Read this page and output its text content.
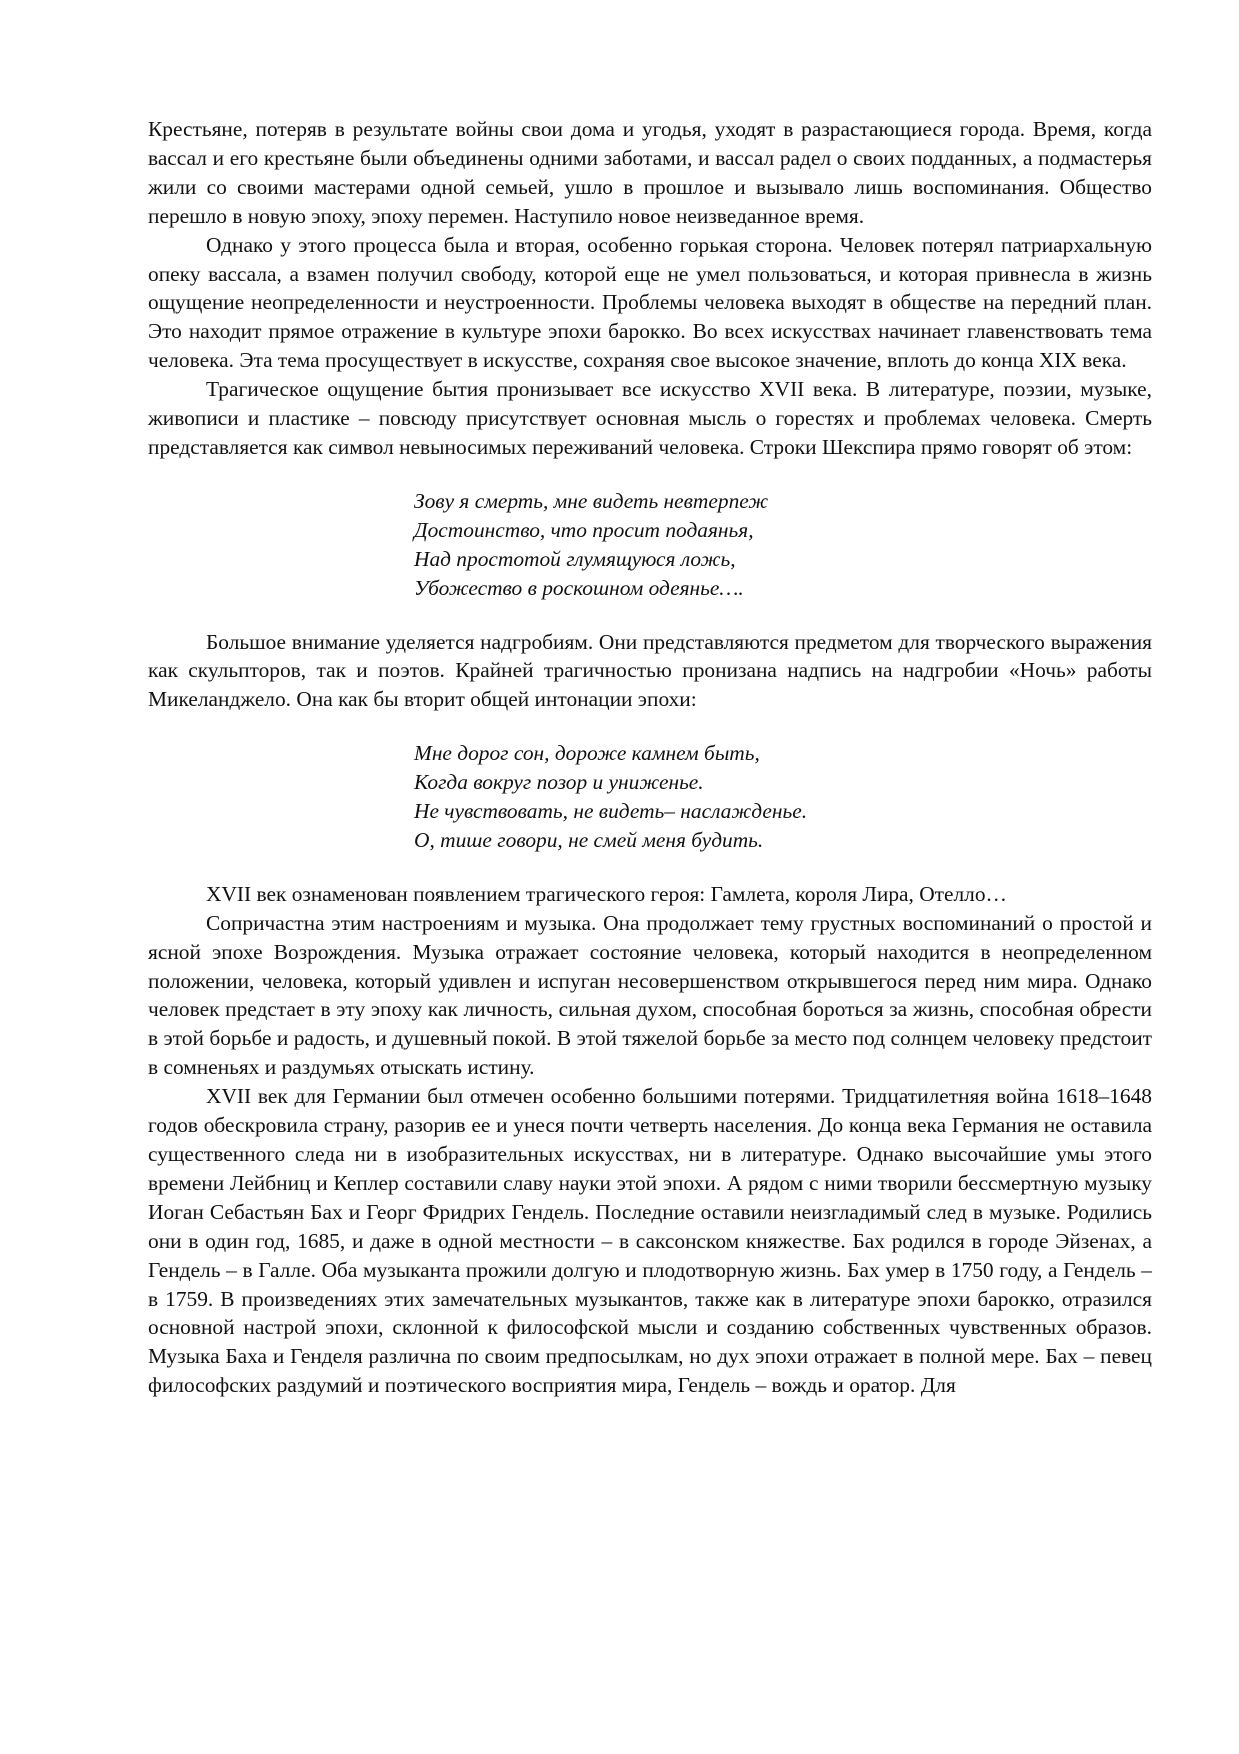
Крестьяне, потеряв в результате войны свои дома и угодья, уходят в разрастающиеся города. Время, когда вассал и его крестьяне были объединены одними заботами, и вассал радел о своих подданных, а подмастерья жили со своими мастерами одной семьей, ушло в прошлое и вызывало лишь воспоминания. Общество перешло в новую эпоху, эпоху перемен. Наступило новое неизведанное время.

Однако у этого процесса была и вторая, особенно горькая сторона. Человек потерял патриархальную опеку вассала, а взамен получил свободу, которой еще не умел пользоваться, и которая привнесла в жизнь ощущение неопределенности и неустроенности. Проблемы человека выходят в обществе на передний план. Это находит прямое отражение в культуре эпохи барокко. Во всех искусствах начинает главенствовать тема человека. Эта тема просуществует в искусстве, сохраняя свое высокое значение, вплоть до конца XIX века.

Трагическое ощущение бытия пронизывает все искусство XVII века. В литературе, поэзии, музыке, живописи и пластике – повсюду присутствует основная мысль о горестях и проблемах человека. Смерть представляется как символ невыносимых переживаний человека. Строки Шекспира прямо говорят об этом:

Зову я смерть, мне видеть невтерпеж
Достоинство, что просит подаянья,
Над простотой глумящуюся ложь,
Убожество в роскошном одеянье….

Большое внимание уделяется надгробиям. Они представляются предметом для творческого выражения как скульпторов, так и поэтов. Крайней трагичностью пронизана надпись на надгробии «Ночь» работы Микеланджело. Она как бы вторит общей интонации эпохи:

Мне дорог сон, дороже камнем быть,
Когда вокруг позор и униженье.
Не чувствовать, не видеть– наслажденье.
О, тише говори, не смей меня будить.

XVII век ознаменован появлением трагического героя: Гамлета, короля Лира, Отелло…

Сопричастна этим настроениям и музыка. Она продолжает тему грустных воспоминаний о простой и ясной эпохе Возрождения. Музыка отражает состояние человека, который находится в неопределенном положении, человека, который удивлен и испуган несовершенством открывшегося перед ним мира. Однако человек предстает в эту эпоху как личность, сильная духом, способная бороться за жизнь, способная обрести в этой борьбе и радость, и душевный покой. В этой тяжелой борьбе за место под солнцем человеку предстоит в сомненьях и раздумьях отыскать истину.

XVII век для Германии был отмечен особенно большими потерями. Тридцатилетняя война 1618–1648 годов обескровила страну, разорив ее и унеся почти четверть населения. До конца века Германия не оставила существенного следа ни в изобразительных искусствах, ни в литературе. Однако высочайшие умы этого времени Лейбниц и Кеплер составили славу науки этой эпохи. А рядом с ними творили бессмертную музыку Иоган Себастьян Бах и Георг Фридрих Гендель. Последние оставили неизгладимый след в музыке. Родились они в один год, 1685, и даже в одной местности – в саксонском княжестве. Бах родился в городе Эйзенах, а Гендель – в Галле. Оба музыканта прожили долгую и плодотворную жизнь. Бах умер в 1750 году, а Гендель – в 1759. В произведениях этих замечательных музыкантов, также как в литературе эпохи барокко, отразился основной настрой эпохи, склонной к философской мысли и созданию собственных чувственных образов. Музыка Баха и Генделя различна по своим предпосылкам, но дух эпохи отражает в полной мере. Бах – певец философских раздумий и поэтического восприятия мира, Гендель – вождь и оратор. Для
